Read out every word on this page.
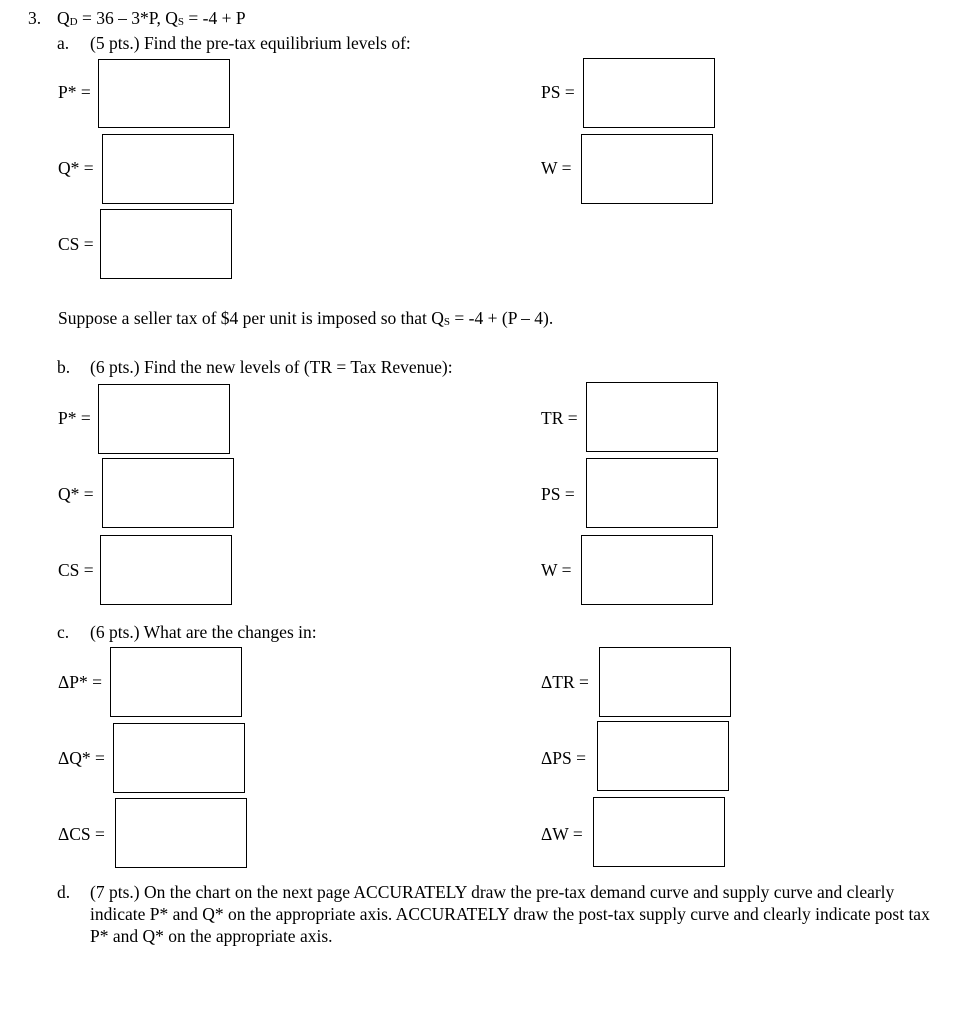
3. $Q_D = 36 - 3*P$, $Q_S = -4 + P$
a. (5 pts.) Find the pre-tax equilibrium levels of:
P* =
Q* =
CS =
PS =
W =
Suppose a seller tax of $4 per unit is imposed so that $Q_S = -4 + (P - 4)$.
b. (6 pts.) Find the new levels of (TR = Tax Revenue):
P* =
Q* =
CS =
TR =
PS =
W =
c. (6 pts.) What are the changes in:
ΔP* =
ΔQ* =
ΔCS =
ΔTR =
ΔPS =
ΔW =
d. (7 pts.) On the chart on the next page ACCURATELY draw the pre-tax demand curve and supply curve and clearly indicate P* and Q* on the appropriate axis. ACCURATELY draw the post-tax supply curve and clearly indicate post tax P* and Q* on the appropriate axis.
